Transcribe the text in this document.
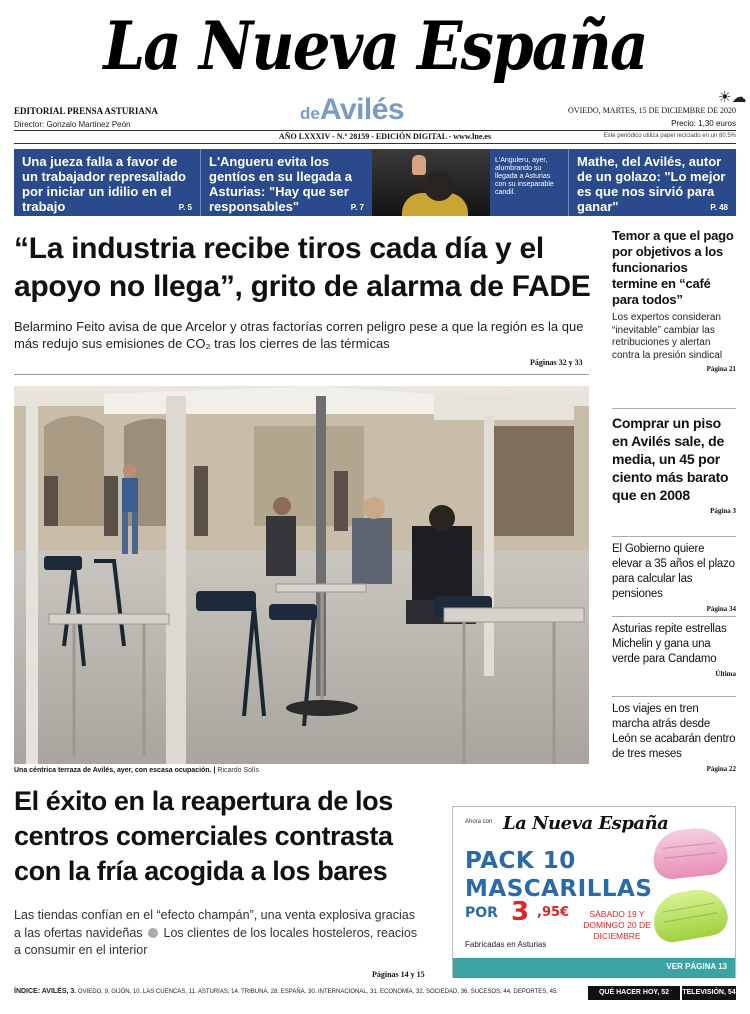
La Nueva España
☀☁
deAvilés
EDITORIAL PRENSA ASTURIANA
Director: Gonzalo Martínez Peón
OVIEDO, MARTES, 15 DE DICIEMBRE DE 2020
Precio: 1,30 euros
AÑO LXXXIV - N.º 28159 - EDICIÓN DIGITAL - www.lne.es	Este periódico utiliza papel reciclado en un 80,5%
Una jueza falla a favor de un trabajador represaliado por iniciar un idilio en el trabajo	P. 5
L'Angueru evita los gentíos en su llegada a Asturias: "Hay que ser responsables"	P. 7
L'Anguleru, ayer, alumbrando su llegada a Asturias con su inseparable candil.
Mathe, del Avilés, autor de un golazo: "Lo mejor es que nos sirvió para ganar"	P. 48
“La industria recibe tiros cada día y el apoyo no llega”, grito de alarma de FADE
Belarmino Feito avisa de que Arcelor y otras factorías corren peligro pese a que la región es la que más redujo sus emisiones de CO₂ tras los cierres de las térmicas
Páginas 32 y 33
Una céntrica terraza de Avilés, ayer, con escasa ocupación. | Ricardo Solís
Temor a que el pago por objetivos a los funcionarios termine en “café para todos”
Los expertos consideran “inevitable” cambiar las retribuciones y alertan contra la presión sindical
Página 21
Comprar un piso en Avilés sale, de media, un 45 por ciento más barato que en 2008
Página 3
El Gobierno quiere elevar a 35 años el plazo para calcular las pensiones
Página 34
Asturias repite estrellas Michelin y gana una verde para Candamo
Última
Los viajes en tren marcha atrás desde León se acabarán dentro de tres meses
Página 22
El éxito en la reapertura de los centros comerciales contrasta con la fría acogida a los bares
Las tiendas confían en el “efecto champán”, una venta explosiva gracias a las ofertas navideñas Los clientes de los locales hosteleros, reacios a consumir en el interior
Páginas 14 y 15
Ahora con La Nueva España
PACK 10
MASCARILLAS
POR 3 ,95€	SÁBADO 19 Y DOMINGO 20 DE DICIEMBRE
Fabricadas en Asturias
VER PÁGINA 13
ÍNDICE: AVILÉS, 3. OVIEDO, 9. GIJÓN, 10. LAS CUENCAS, 11. ASTURIAS, 14. TRIBUNA, 28. ESPAÑA, 30. INTERNACIONAL, 31. ECONOMÍA, 32. SOCIEDAD, 36. SUCESOS, 44. DEPORTES, 45.	QUÉ HACER HOY, 52	TELEVISIÓN, 54
